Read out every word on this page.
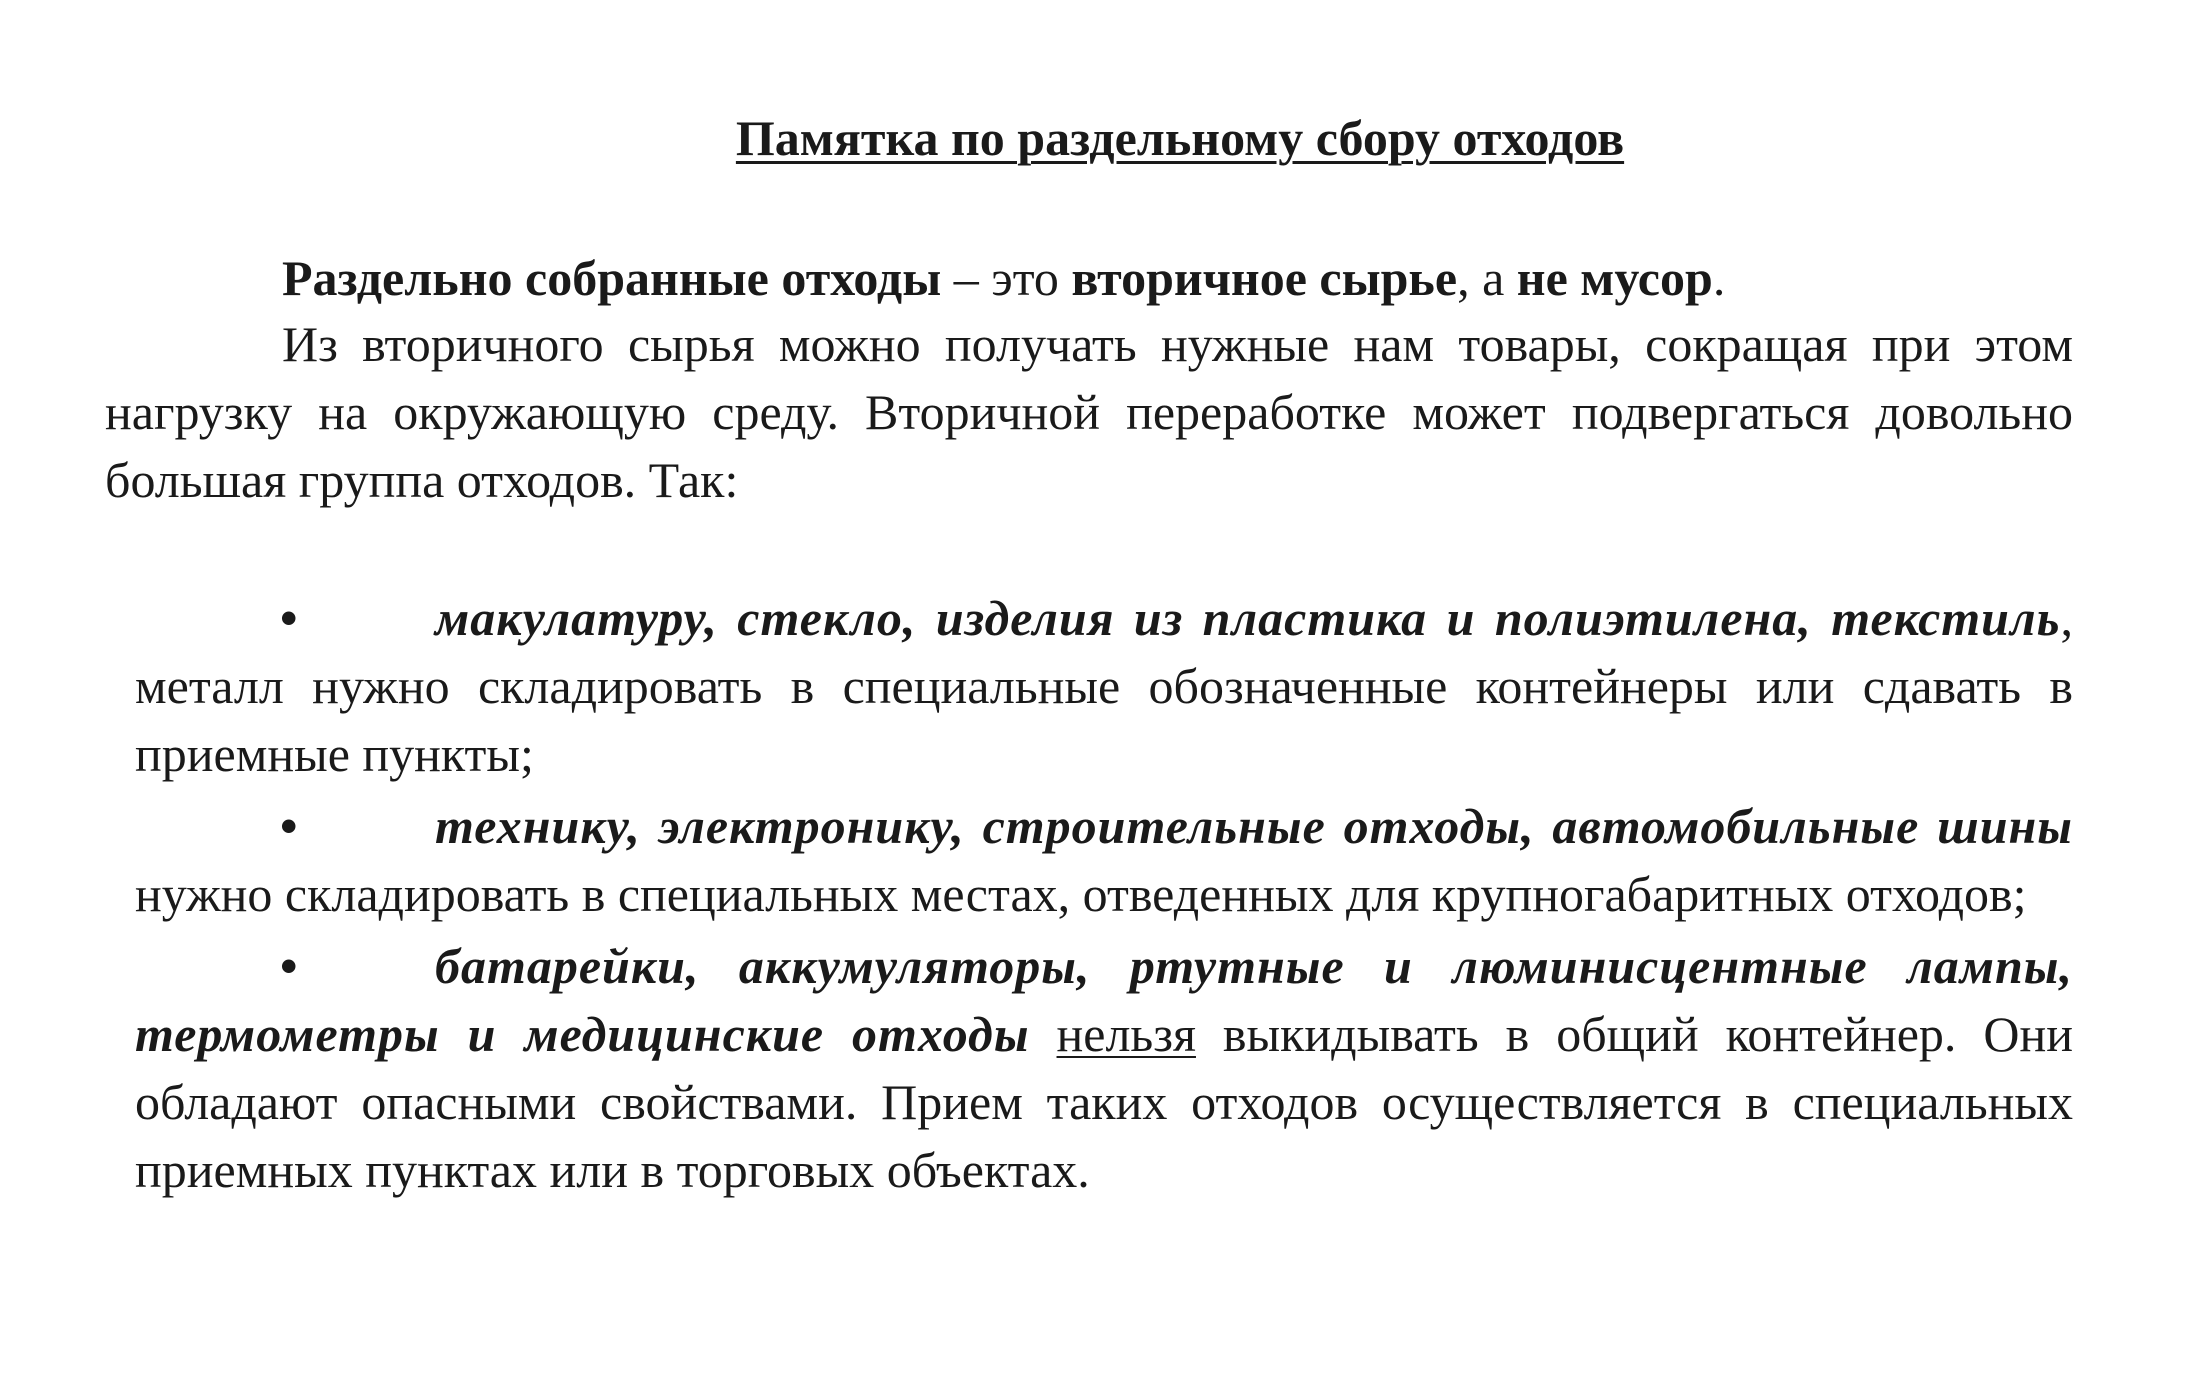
Памятка по раздельному сбору отходов

Раздельно собранные отходы – это вторичное сырье, а не мусор.

Из вторичного сырья можно получать нужные нам товары, сокращая при этом нагрузку на окружающую среду. Вторичной переработке может подвергаться довольно большая группа отходов. Так:

•	макулатуру, стекло, изделия из пластика и полиэтилена, текстиль, металл нужно складировать в специальные обозначенные контейнеры или сдавать в приемные пункты;
•	технику, электронику, строительные отходы, автомобильные шины нужно складировать в специальных местах, отведенных для крупногабаритных отходов;
•	батарейки, аккумуляторы, ртутные и люминисцентные лампы, термометры и медицинские отходы нельзя выкидывать в общий контейнер. Они обладают опасными свойствами. Прием таких отходов осуществляется в специальных приемных пунктах или в торговых объектах.
